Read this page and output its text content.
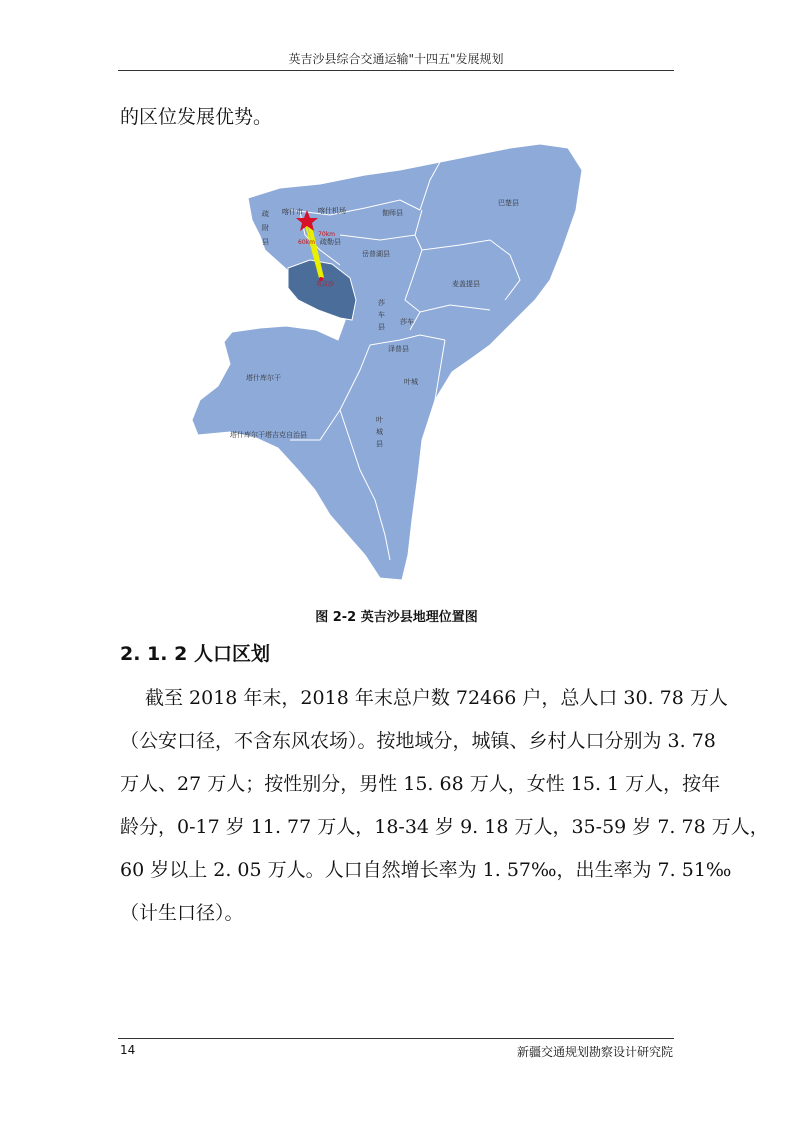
英吉沙县综合交通运输"十四五"发展规划
的区位发展优势。
疏
附
县
喀什市 喀什机场
疏勒县
70km
60km
英吉沙
伽师县
巴楚县
岳普湖县
麦盖提县
莎
车
县
莎车
泽普县
叶城
塔什库尔干
塔什库尔干塔吉克自治县
叶
城
县
图 2-2 英吉沙县地理位置图
2. 1. 2 人口区划
截至 2018 年末，2018 年末总户数 72466 户，总人口 30. 78 万人
（公安口径，不含东风农场）。按地域分，城镇、乡村人口分别为 3. 78
万人、27 万人；按性别分，男性 15. 68 万人，女性 15. 1 万人，按年
龄分，0-17 岁 11. 77 万人，18-34 岁 9. 18 万人，35-59 岁 7. 78 万人，
60 岁以上 2. 05 万人。人口自然增长率为 1. 57‰，出生率为 7. 51‰
（计生口径）。
14	新疆交通规划勘察设计研究院
